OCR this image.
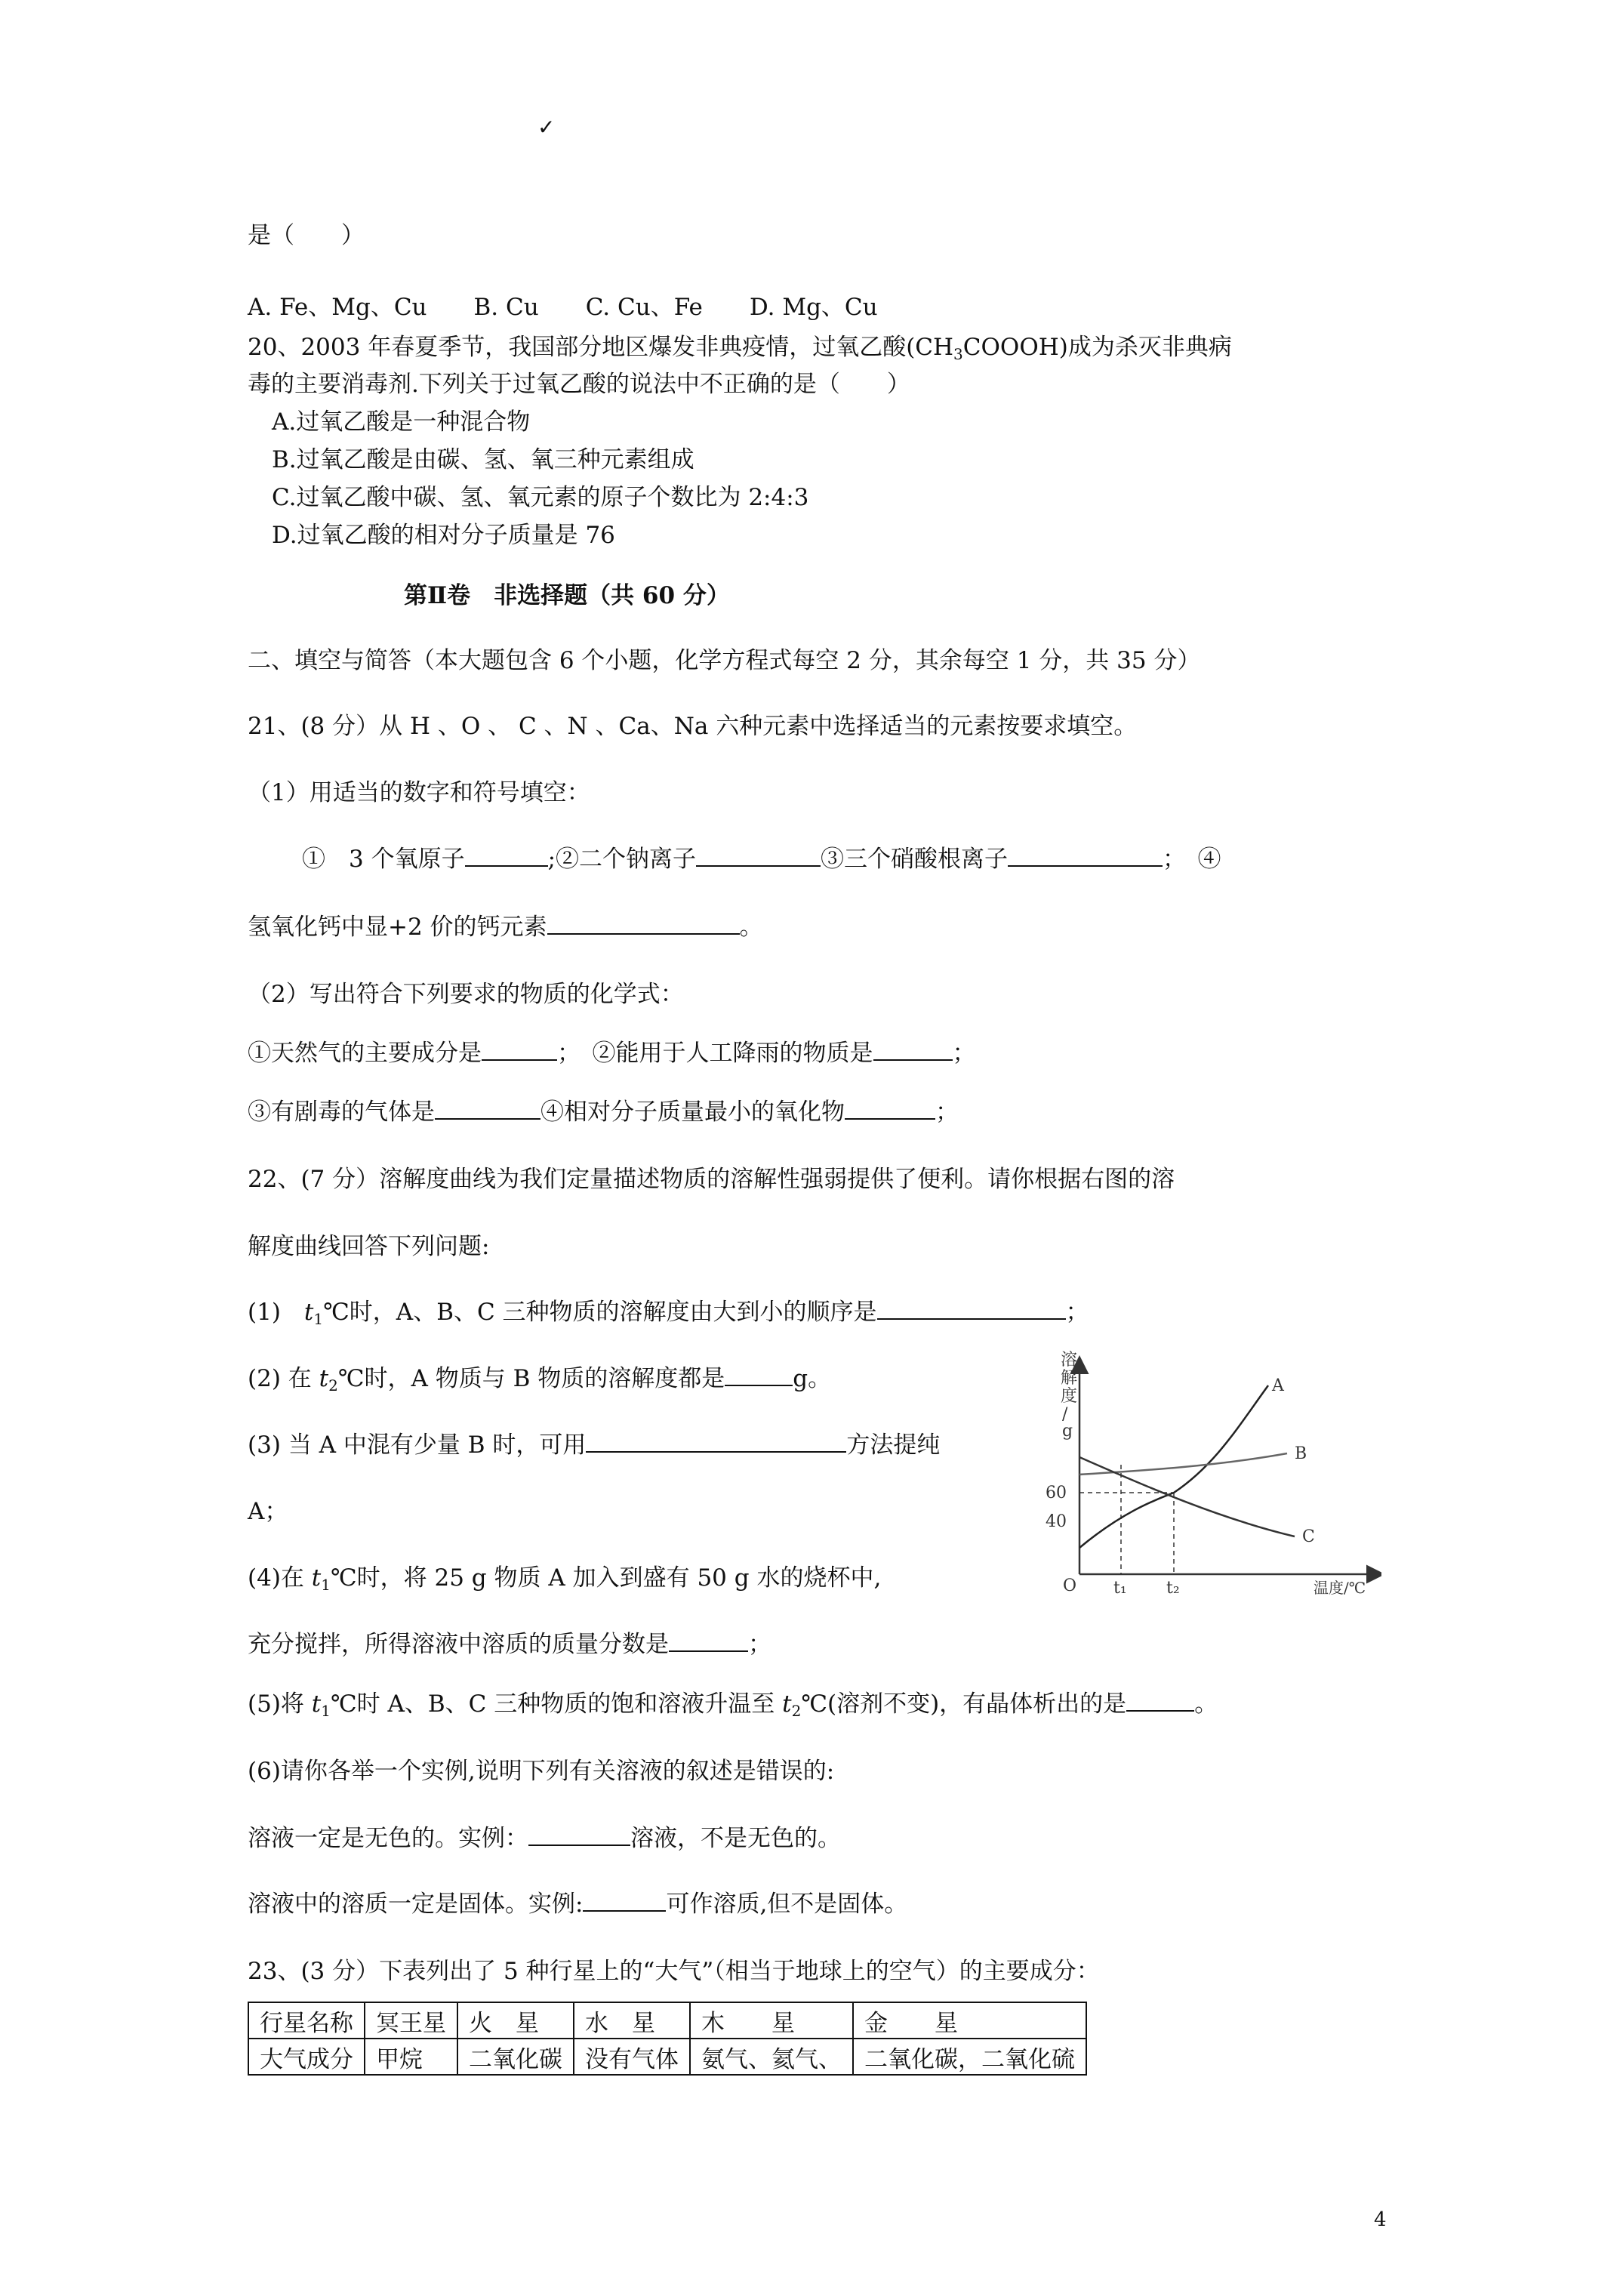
✓
是（　　）
A. Fe、Mg、Cu　　B. Cu　　C. Cu、Fe　　D. Mg、Cu
20、2003 年春夏季节，我国部分地区爆发非典疫情，过氧乙酸$(CH_3COOOH)$成为杀灭非典病
毒的主要消毒剂.下列关于过氧乙酸的说法中不正确的是（　　）
A.过氧乙酸是一种混合物
B.过氧乙酸是由碳、氢、氧三种元素组成
C.过氧乙酸中碳、氢、氧元素的原子个数比为 2:4:3
D.过氧乙酸的相对分子质量是 76
第Ⅱ卷　非选择题（共 60 分）
二、填空与简答（本大题包含 6 个小题，化学方程式每空 2 分，其余每空 1 分，共 35 分）
21、(8 分）从 H 、O 、 C 、N 、Ca、Na 六种元素中选择适当的元素按要求填空。
（1）用适当的数字和符号填空：
①　3 个氧原子	;②二个钠离子	③三个硝酸根离子	；　④
氢氧化钙中显+2 价的钙元素	。
（2）写出符合下列要求的物质的化学式：
①天然气的主要成分是	；　 ②能用于人工降雨的物质是	；
③有剧毒的气体是	④相对分子质量最小的氧化物	；
22、(7 分）溶解度曲线为我们定量描述物质的溶解性强弱提供了便利。请你根据右图的溶
解度曲线回答下列问题:
(1)　$t_1℃$时，A、B、C 三种物质的溶解度由大到小的顺序是	；
(2) 在 $t_2℃$时，A 物质与 B 物质的溶解度都是	g。
(3) 当 A 中混有少量 B 时，可用	方法提纯
A；
(4)在 $t_1℃$时，将 25 g 物质 A 加入到盛有 50 g 水的烧杯中,
充分搅拌，所得溶液中溶质的质量分数是	；
(5)将 $t_1℃$时 A、B、C 三种物质的饱和溶液升温至 $t_2℃$(溶剂不变)，有晶体析出的是	。
(6)请你各举一个实例,说明下列有关溶液的叙述是错误的:
溶液一定是无色的。实例：	溶液，不是无色的。
溶液中的溶质一定是固体。实例:	可作溶质,但不是固体。
溶
解
度
/
g
60
40
O t₁ t₂	温度/℃
A
B
C
23、(3 分）下表列出了 5 种行星上的“大气”（相当于地球上的空气）的主要成分：
行星名称	冥王星	火　星	水　星	木　　星	金　　星
大气成分	甲烷	二氧化碳	没有气体	氨气、氦气、	二氧化碳，二氧化硫
4
